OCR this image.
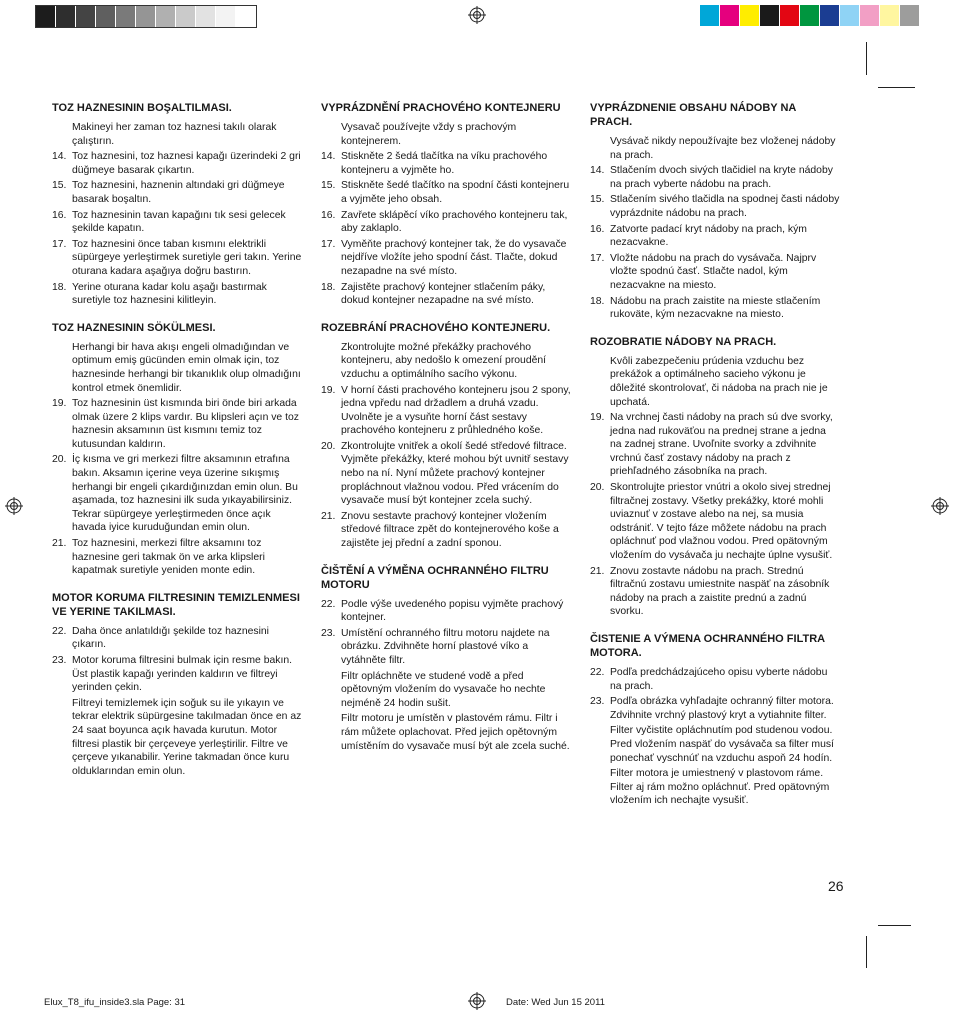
TOZ HAZNESININ BOŞALTILMASI.
Makineyi her zaman toz haznesi takılı olarak çalıştırın.
14. Toz haznesini, toz haznesi kapağı üzerindeki 2 gri düğmeye basarak çıkartın.
15. Toz haznesini, haznenin altındaki gri düğmeye basarak boşaltın.
16. Toz haznesinin tavan kapağını tık sesi gelecek şekilde kapatın.
17. Toz haznesini önce taban kısmını elektrikli süpürgeye yerleştirmek suretiyle geri takın. Yerine oturana kadara aşağıya doğru bastırın.
18. Yerine oturana kadar kolu aşağı bastırmak suretiyle toz haznesini kilitleyin.
TOZ HAZNESININ SÖKÜLMESI.
Herhangi bir hava akışı engeli olmadığından ve optimum emiş gücünden emin olmak için, toz haznesinde herhangi bir tıkanıklık olup olmadığını kontrol etmek önemlidir.
19. Toz haznesinin üst kısmında biri önde biri arkada olmak üzere 2 klips vardır. Bu klipsleri açın ve toz haznesin aksamının üst kısmını temiz toz kutusundan kaldırın.
20. İç kısma ve gri merkezi filtre aksamının etrafına bakın. Aksamın içerine veya üzerine sıkışmış herhangi bir engeli çıkardığınızdan emin olun. Bu aşamada, toz haznesini ilk suda yıkayabilirsiniz. Tekrar süpürgeye yerleştirmeden önce açık havada iyice kuruduğundan emin olun.
21. Toz haznesini, merkezi filtre aksamını toz haznesine geri takmak ön ve arka klipsleri kapatmak suretiyle yeniden monte edin.
MOTOR KORUMA FILTRESININ TEMIZLENMESI VE YERINE TAKILMASI.
22. Daha önce anlatıldığı şekilde toz haznesini çıkarın.
23. Motor koruma filtresini bulmak için resme bakın. Üst plastik kapağı yerinden kaldırın ve filtreyi yerinden çekin.
Filtreyi temizlemek için soğuk su ile yıkayın ve tekrar elektrik süpürgesine takılmadan önce en az 24 saat boyunca açık havada kurutun. Motor filtresi plastik bir çerçeveye yerleştirilir. Filtre ve çerçeve yıkanabilir. Yerine takmadan önce kuru olduklarından emin olun.
VYPRÁZDNĚNÍ PRACHOVÉHO KONTEJNERU
Vysavač používejte vždy s prachovým kontejnerem.
14. Stiskněte 2 šedá tlačítka na víku prachového kontejneru a vyjměte ho.
15. Stiskněte šedé tlačítko na spodní části kontejneru a vyjměte jeho obsah.
16. Zavřete sklápěcí víko prachového kontejneru tak, aby zaklaplo.
17. Vyměňte prachový kontejner tak, že do vysavače nejdříve vložíte jeho spodní část. Tlačte, dokud nezapadne na své místo.
18. Zajistěte prachový kontejner stlačením páky, dokud kontejner nezapadne na své místo.
ROZEBRÁNÍ PRACHOVÉHO KONTEJNERU.
Zkontrolujte možné překážky prachového kontejneru, aby nedošlo k omezení proudění vzduchu a optimálního sacího výkonu.
19. V horní části prachového kontejneru jsou 2 spony, jedna vpředu nad držadlem a druhá vzadu. Uvolněte je a vysuňte horní část sestavy prachového kontejneru z průhledného koše.
20. Zkontrolujte vnitřek a okolí šedé středové filtrace. Vyjměte překážky, které mohou být uvnitř sestavy nebo na ní. Nyní můžete prachový kontejner propláchnout vlažnou vodou. Před vrácením do vysavače musí být kontejner zcela suchý.
21. Znovu sestavte prachový kontejner vložením středové filtrace zpět do kontejnerového koše a zajistěte jej přední a zadní sponou.
ČIŠTĚNÍ A VÝMĚNA OCHRANNÉHO FILTRU MOTORU
22. Podle výše uvedeného popisu vyjměte prachový kontejner.
23. Umístění ochranného filtru motoru najdete na obrázku. Zdvihněte horní plastové víko a vytáhněte filtr.
Filtr opláchněte ve studené vodě a před opětovným vložením do vysavače ho nechte nejméně 24 hodin sušit.
Filtr motoru je umístěn v plastovém rámu. Filtr i rám můžete oplachovat. Před jejich opětovným umístěním do vysavače musí být ale zcela suché.
VYPRÁZDNENIE OBSAHU NÁDOBY NA PRACH.
Vysávač nikdy nepoužívajte bez vloženej nádoby na prach.
14. Stlačením dvoch sivých tlačidiel na kryte nádoby na prach vyberte nádobu na prach.
15. Stlačením sivého tlačidla na spodnej časti nádoby vyprázdnite nádobu na prach.
16. Zatvorte padací kryt nádoby na prach, kým nezacvakne.
17. Vložte nádobu na prach do vysávača. Najprv vložte spodnú časť. Stlačte nadol, kým nezacvakne na miesto.
18. Nádobu na prach zaistite na mieste stlačením rukoväte, kým nezacvakne na miesto.
ROZOBRATIE NÁDOBY NA PRACH.
Kvôli zabezpečeniu prúdenia vzduchu bez prekážok a optimálneho sacieho výkonu je dôležité skontrolovať, či nádoba na prach nie je upchatá.
19. Na vrchnej časti nádoby na prach sú dve svorky, jedna nad rukoväťou na prednej strane a jedna na zadnej strane. Uvoľnite svorky a zdvihnite vrchnú časť zostavy nádoby na prach z priehľadného zásobníka na prach.
20. Skontrolujte priestor vnútri a okolo sivej strednej filtračnej zostavy. Všetky prekážky, ktoré mohli uviaznuť v zostave alebo na nej, sa musia odstrániť. V tejto fáze môžete nádobu na prach opláchnuť pod vlažnou vodou. Pred opätovným vložením do vysávača ju nechajte úplne vysušiť.
21. Znovu zostavte nádobu na prach. Strednú filtračnú zostavu umiestnite naspäť na zásobník nádoby na prach a zaistite prednú a zadnú svorku.
ČISTENIE A VÝMENA OCHRANNÉHO FILTRA MOTORA.
22. Podľa predchádzajúceho opisu vyberte nádobu na prach.
23. Podľa obrázka vyhľadajte ochranný filter motora. Zdvihnite vrchný plastový kryt a vytiahnite filter.
Filter vyčistite opláchnutím pod studenou vodou. Pred vložením naspäť do vysávača sa filter musí ponechať vyschnúť na vzduchu aspoň 24 hodín.
Filter motora je umiestnený v plastovom ráme. Filter aj rám možno opláchnuť. Pred opätovným vložením ich nechajte vysušiť.
26
Elux_T8_ifu_inside3.sla Page: 31	Date: Wed Jun 15 2011
